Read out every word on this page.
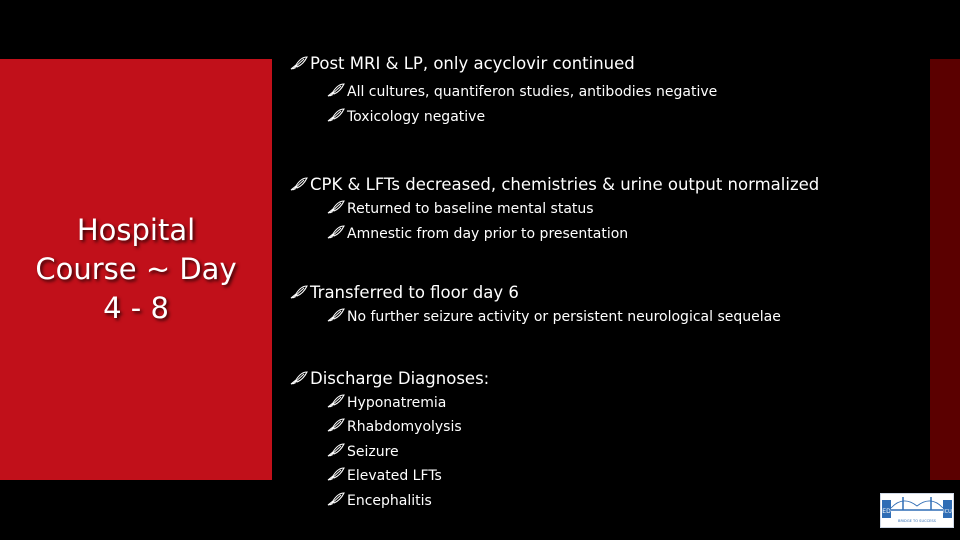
Hospital
Course ~ Day
4 - 8
Post MRI & LP, only acyclovir continued
All cultures, quantiferon studies, antibodies negative
Toxicology negative
CPK & LFTs decreased, chemistries & urine output normalized
Returned to baseline mental status
Amnestic from day prior to presentation
Transferred to floor day 6
No further seizure activity or persistent neurological sequelae
Discharge Diagnoses:
Hyponatremia
Rhabdomyolysis
Seizure
Elevated LFTs
Encephalitis
ED	ICU
BRIDGE TO SUCCESS
